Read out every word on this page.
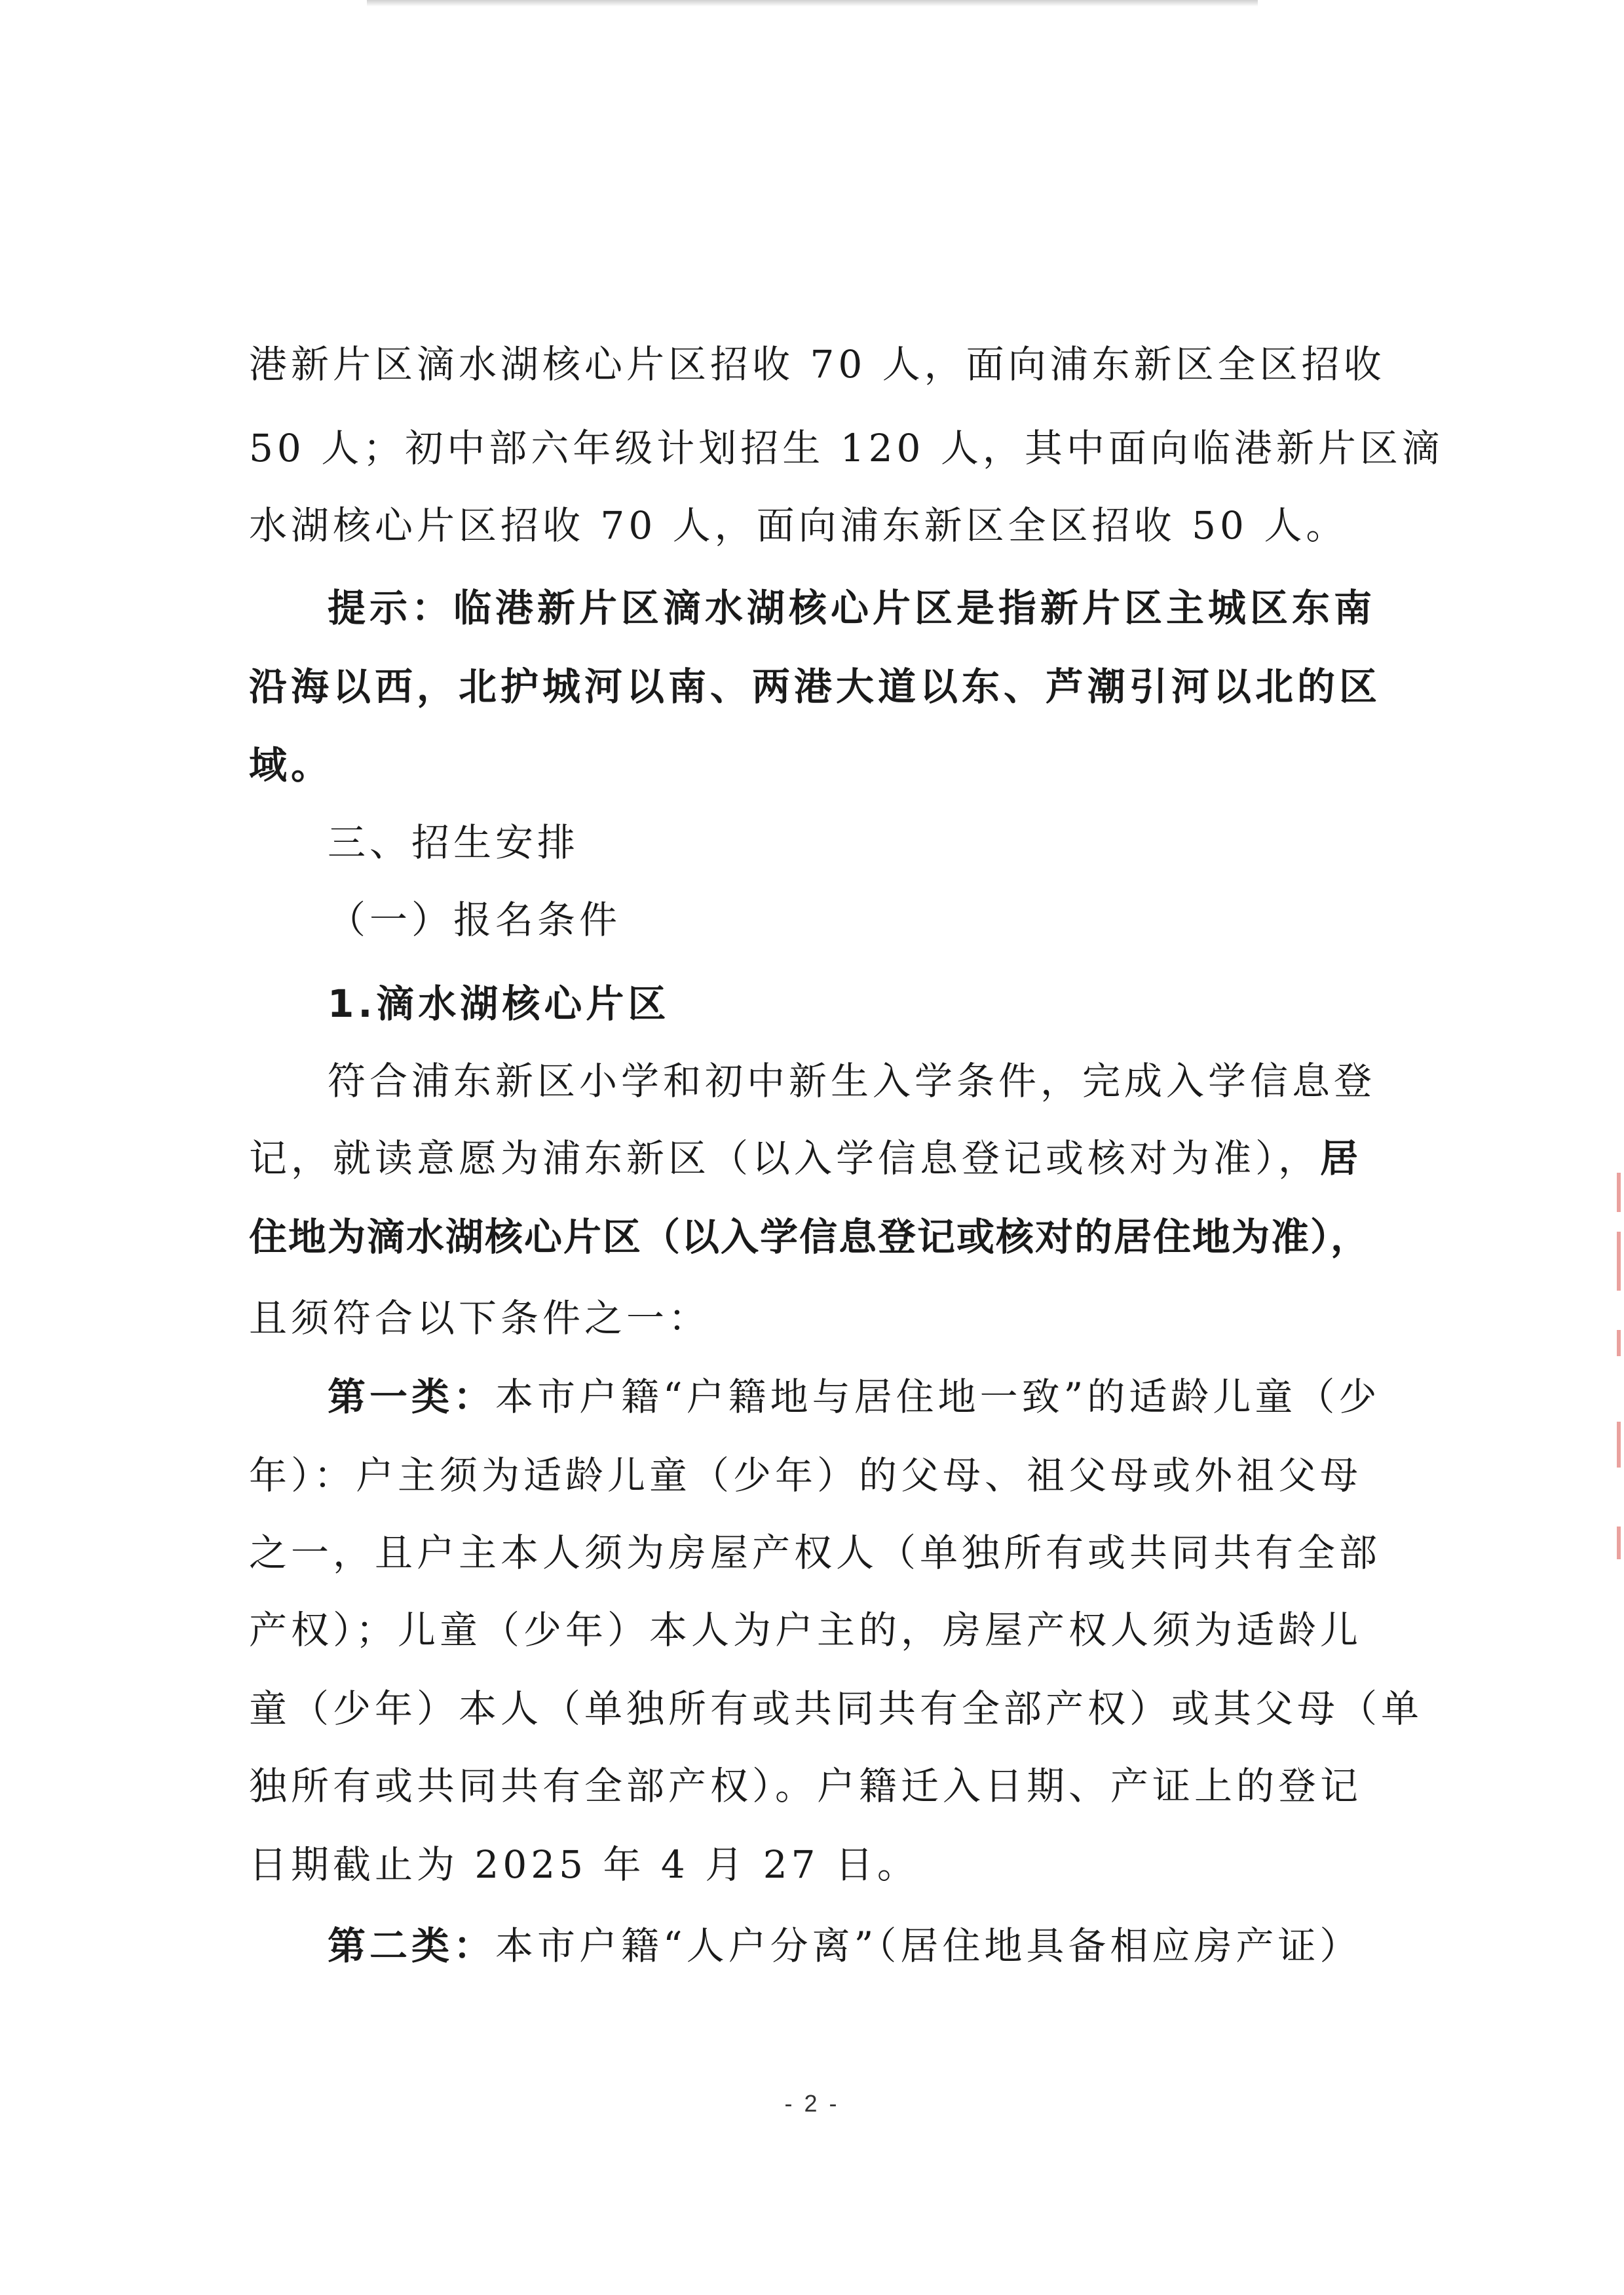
港新片区滴水湖核心片区招收 70 人，面向浦东新区全区招收
50 人；初中部六年级计划招生 120 人，其中面向临港新片区滴
水湖核心片区招收 70 人，面向浦东新区全区招收 50 人。
提示：临港新片区滴水湖核心片区是指新片区主城区东南
沿海以西，北护城河以南、两港大道以东、芦潮引河以北的区
域。
三、招生安排
（一）报名条件
1.滴水湖核心片区
符合浦东新区小学和初中新生入学条件，完成入学信息登
记，就读意愿为浦东新区（以入学信息登记或核对为准），居
住地为滴水湖核心片区（以入学信息登记或核对的居住地为准），
且须符合以下条件之一：
第一类：本市户籍“户籍地与居住地一致”的适龄儿童（少
年）：户主须为适龄儿童（少年）的父母、祖父母或外祖父母
之一，且户主本人须为房屋产权人（单独所有或共同共有全部
产权）；儿童（少年）本人为户主的，房屋产权人须为适龄儿
童（少年）本人（单独所有或共同共有全部产权）或其父母（单
独所有或共同共有全部产权）。户籍迁入日期、产证上的登记
日期截止为 2025 年 4 月 27 日。
第二类：本市户籍“人户分离”（居住地具备相应房产证）
- 2 -
